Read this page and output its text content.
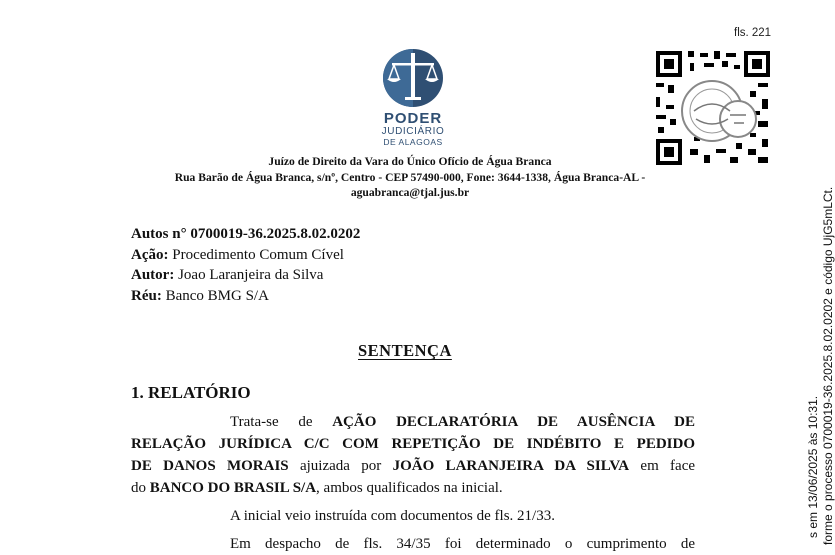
fls. 221
PODER
JUDICIÁRIO
DE ALAGOAS
Juízo de Direito da Vara do Único Ofício de Água Branca
Rua Barão de Água Branca, s/nº, Centro - CEP 57490-000, Fone: 3644-1338, Água Branca-AL -
aguabranca@tjal.jus.br
s em 13/06/2025 às 10:31. forme o processo 0700019-36.2025.8.02.0202 e código UjG5mLCt.
Autos n° 0700019-36.2025.8.02.0202
Ação: Procedimento Comum Cível
Autor: Joao Laranjeira da Silva
Réu: Banco BMG S/A
SENTENÇA
1. RELATÓRIO

Trata-se de AÇÃO DECLARATÓRIA DE AUSÊNCIA DE
RELAÇÃO JURÍDICA C/C COM REPETIÇÃO DE INDÉBITO E PEDIDO
DE DANOS MORAIS ajuizada por JOÃO LARANJEIRA DA SILVA em face
do BANCO DO BRASIL S/A, ambos qualificados na inicial.

A inicial veio instruída com documentos de fls. 21/33.

Em despacho de fls. 34/35 foi determinado o cumprimento de
